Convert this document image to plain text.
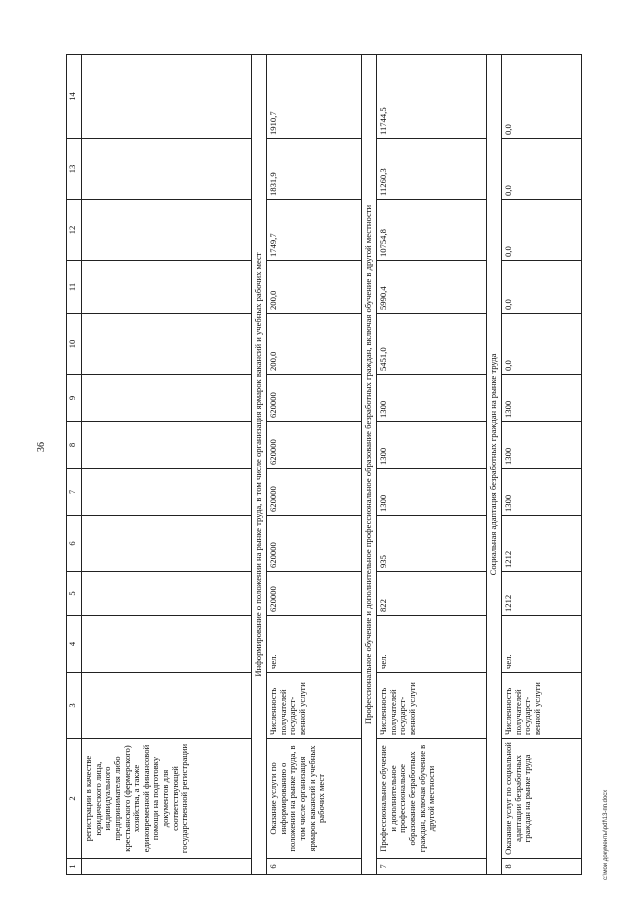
36
c:\мои документы\pdf\13-пп.docx
1	2	3	4	5	6	7	8	9	10	11	12	13	14
	регистрации в качестве юридического лица, индивидуального предпринимателя либо крестьянского (фермерского) хозяйства, а также единовременной финансовой помощи на подготовку документов для соответствующей государственной регистрации												
Информирование о положении на рынке труда, в том числе организация ярмарок вакансий и учебных рабочих мест													
6	Оказание услуги по информированию о положении на рынке труда, в том числе организация ярмарок вакансий и учебных рабочих мест	Численность получателей государст-венной услуги	чел.	620000	620000	620000	620000	620000	200,0	200,0	1749,7	1831,9	1910,7
Профессиональное обучение и дополнительное профессиональное образование безработных граждан, включая обучение в другой местности													
7	Профессиональное обучение и дополнительное профессиональное образование безработных граждан, включая обучение в другой местности	Численность получателей государст-венной услуги	чел.	822	935	1300	1300	1300	5451,0	5990,4	10754,8	11260,3	11744,5
Социальная адаптация безработных граждан на рынке труда													
8	Оказание услуг по социальной адаптации безработных граждан на рынке труда	Численность получателей государст-венной услуги	чел.	1212	1212	1300	1300	1300	0,0	0,0	0,0	0,0	0,0
